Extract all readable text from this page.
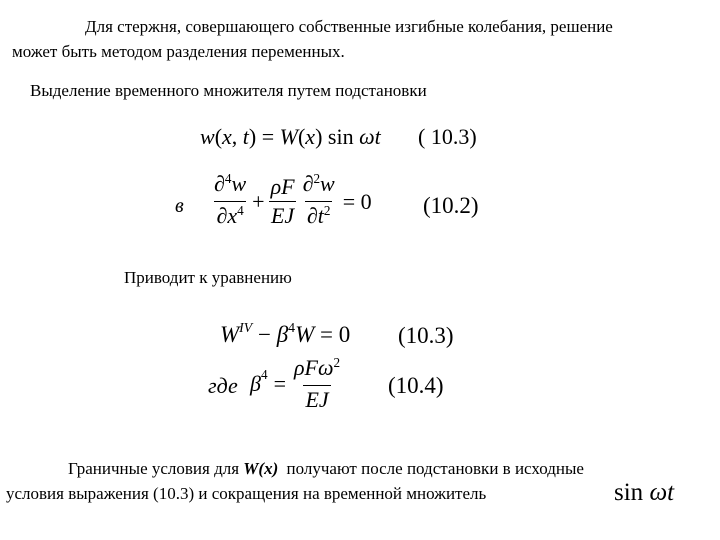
Для стержня, совершающего собственные изгибные колебания, решение
может быть методом разделения переменных.
Выделение временного множителя путем подстановки
w(x, t) = W(x) sin ωt ( 10.3)
в $\frac{\partial^4w}{\partial x^4} + \frac{\rho F}{EJ} \frac{\partial^2w}{\partial t^2} = 0$ (10.2)
Приводит к уравнению
$W^{IV} - \beta^4W = 0$ (10.3)
где β $4 = \frac{\rho F\omega^2}{EJ} (10.4)$
Граничные условия для W(x) получают после подстановки в исходные
условия выражения (10.3) и сокращения на временной множитель	sin ωt
